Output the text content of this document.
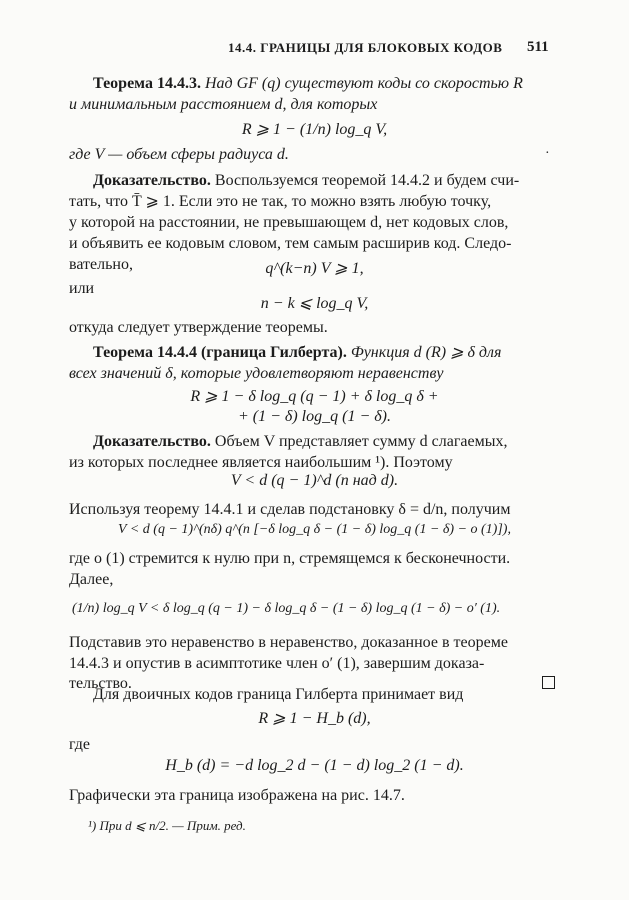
14.4. ГРАНИЦЫ ДЛЯ БЛОКОВЫХ КОДОВ 511
Теорема 14.4.3. Над GF (q) существуют коды со скоростью R
и минимальным расстоянием d, для которых
R ⩾ 1 − (1/n) log_q V,
где V — объем сферы радиуса d.	·
Доказательство. Воспользуемся теоремой 14.4.2 и будем счи-
тать, что T̄ ⩾ 1. Если это не так, то можно взять любую точку,
у которой на расстоянии, не превышающем d, нет кодовых слов,
и объявить ее кодовым словом, тем самым расширив код. Следо-
вательно,	q^(k−n) V ⩾ 1,
или
n − k ⩽ log_q V,
откуда следует утверждение теоремы.
Теорема 14.4.4 (граница Гилберта). Функция d (R) ⩾ δ для
всех значений δ, которые удовлетворяют неравенству
R ⩾ 1 − δ log_q (q − 1) + δ log_q δ +
+ (1 − δ) log_q (1 − δ).
Доказательство. Объем V представляет сумму d слагаемых,
из которых последнее является наибольшим ¹). Поэтому
V < d (q − 1)^d (n над d).
Используя теорему 14.4.1 и сделав подстановку δ = d/n, получим
V < d (q − 1)^(nδ) q^(n [−δ log_q δ − (1 − δ) log_q (1 − δ) − o (1)]),
где o (1) стремится к нулю при n, стремящемся к бесконечности.
Далее,
(1/n) log_q V < δ log_q (q − 1) − δ log_q δ − (1 − δ) log_q (1 − δ) − o′ (1).
Подставив это неравенство в неравенство, доказанное в теореме
14.4.3 и опустив в асимптотике член o′ (1), завершим доказа-
тельство.
Для двоичных кодов граница Гилберта принимает вид
R ⩾ 1 − H_b (d),
где
H_b (d) = −d log_2 d − (1 − d) log_2 (1 − d).
Графически эта граница изображена на рис. 14.7.
¹) При d ⩽ n/2. — Прим. ред.
